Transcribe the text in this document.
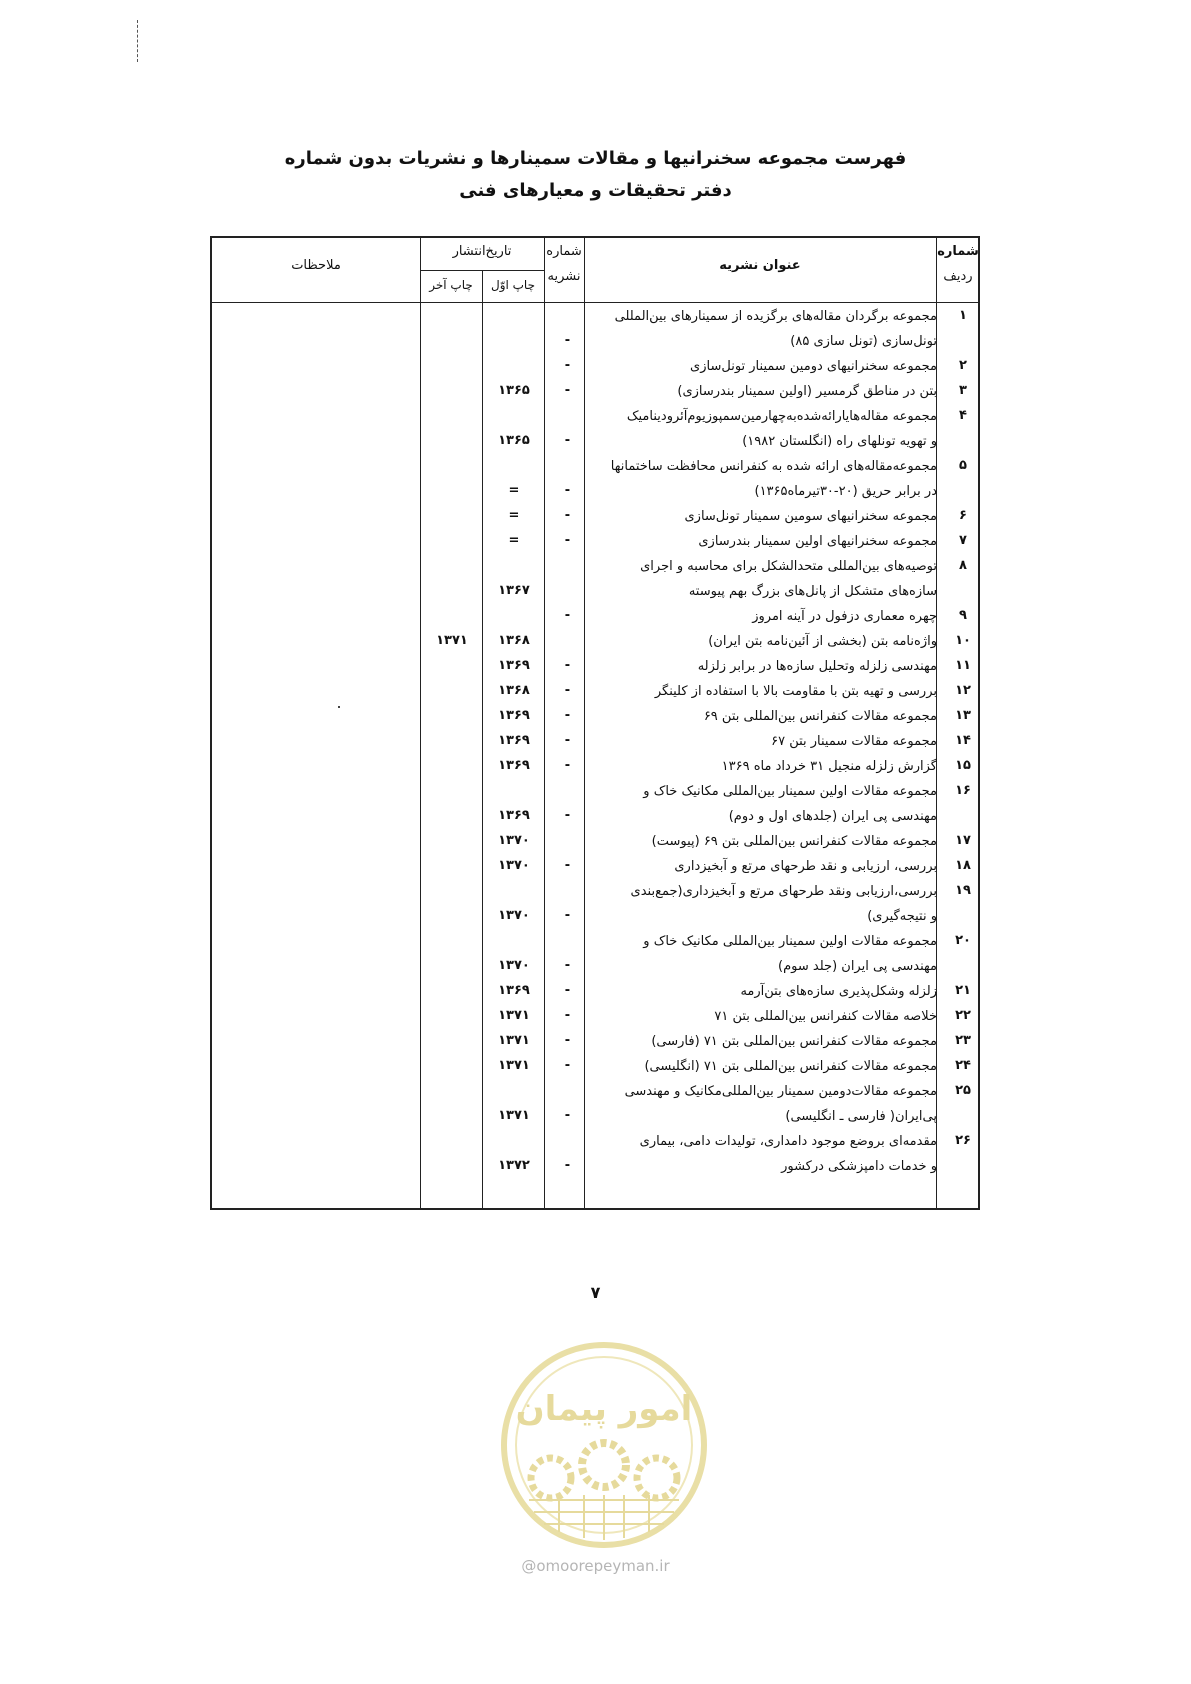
فهرست مجموعه سخنرانیها و مقالات سمینارها و نشریات بدون شماره
دفتر تحقیقات و معیارهای فنی
شماره
ردیف
عنوان نشریه
شماره
نشریه
تاریخ‌انتشار
چاپ اوّل
چاپ آخر
ملاحظات
۱
مجموعه برگردان مقاله‌های برگزیده از سمینارهای بین‌المللی
تونل‌سازی (تونل سازی ۸۵)
-
۲
مجموعه سخنرانیهای دومین سمینار تونل‌سازی
-
۳
بتن در مناطق گرمسیر (اولین سمینار بندرسازی)
-
۱۳۶۵
۴
مجموعه مقاله‌هایارائه‌شده‌به‌چهارمین‌سمپوزیوم‌آئرودینامیک
و تهویه تونلهای راه (انگلستان ۱۹۸۲)
-
۱۳۶۵
۵
مجموعه‌مقاله‌های ارائه شده به کنفرانس محافظت ساختمانها
در برابر حریق (۲۰-۳۰تیرماه۱۳۶۵)
-
=
۶
مجموعه سخنرانیهای سومین سمینار تونل‌سازی
-
=
۷
مجموعه سخنرانیهای اولین سمینار بندرسازی
-
=
۸
توصیه‌های بین‌المللی متحدالشکل برای محاسبه و اجرای
سازه‌های متشکل از پانل‌های بزرگ بهم پیوسته
۱۳۶۷
۹
چهره معماری دزفول در آینه امروز
-
۱۰
واژه‌نامه بتن (بخشی از آئین‌نامه بتن ایران)
۱۳۶۸
۱۳۷۱
۱۱
مهندسی زلزله وتحلیل سازه‌ها در برابر زلزله
-
۱۳۶۹
۱۲
بررسی و تهیه بتن با مقاومت بالا با استفاده از کلینگر
-
۱۳۶۸
۱۳
مجموعه مقالات کنفرانس بین‌المللی بتن ۶۹
-
۱۳۶۹
۱۴
مجموعه مقالات سمینار بتن ۶۷
-
۱۳۶۹
۱۵
گزارش زلزله منجیل ۳۱ خرداد ماه ۱۳۶۹
-
۱۳۶۹
۱۶
مجموعه مقالات اولین سمینار بین‌المللی مکانیک خاک و
مهندسی پی ایران (جلدهای اول و دوم)
-
۱۳۶۹
۱۷
مجموعه مقالات کنفرانس بین‌المللی بتن ۶۹ (پیوست)
۱۳۷۰
۱۸
بررسی، ارزیابی و نقد طرحهای مرتع و آبخیزداری
-
۱۳۷۰
۱۹
بررسی،ارزیابی ونقد طرحهای مرتع و آبخیزداری(جمع‌بندی
و نتیجه‌گیری)
-
۱۳۷۰
۲۰
مجموعه مقالات اولین سمینار بین‌المللی مکانیک خاک و
مهندسی پی ایران (جلد سوم)
-
۱۳۷۰
۲۱
زلزله وشکل‌پذیری سازه‌های بتن‌آرمه
-
۱۳۶۹
۲۲
خلاصه مقالات کنفرانس بین‌المللی بتن ۷۱
-
۱۳۷۱
۲۳
مجموعه مقالات کنفرانس بین‌المللی بتن ۷۱ (فارسی)
-
۱۳۷۱
۲۴
مجموعه مقالات کنفرانس بین‌المللی بتن ۷۱ (انگلیسی)
-
۱۳۷۱
۲۵
مجموعه مقالات‌دومین سمینار بین‌المللی‌مکانیک و مهندسی
پی‌ایران( فارسی ـ انگلیسی)
-
۱۳۷۱
۲۶
مقدمه‌ای بروضع موجود دامداری، تولیدات دامی، بیماری
و خدمات دامپزشکی درکشور
-
۱۳۷۲
۷
امور پیمان
@omoorepeyman.ir
